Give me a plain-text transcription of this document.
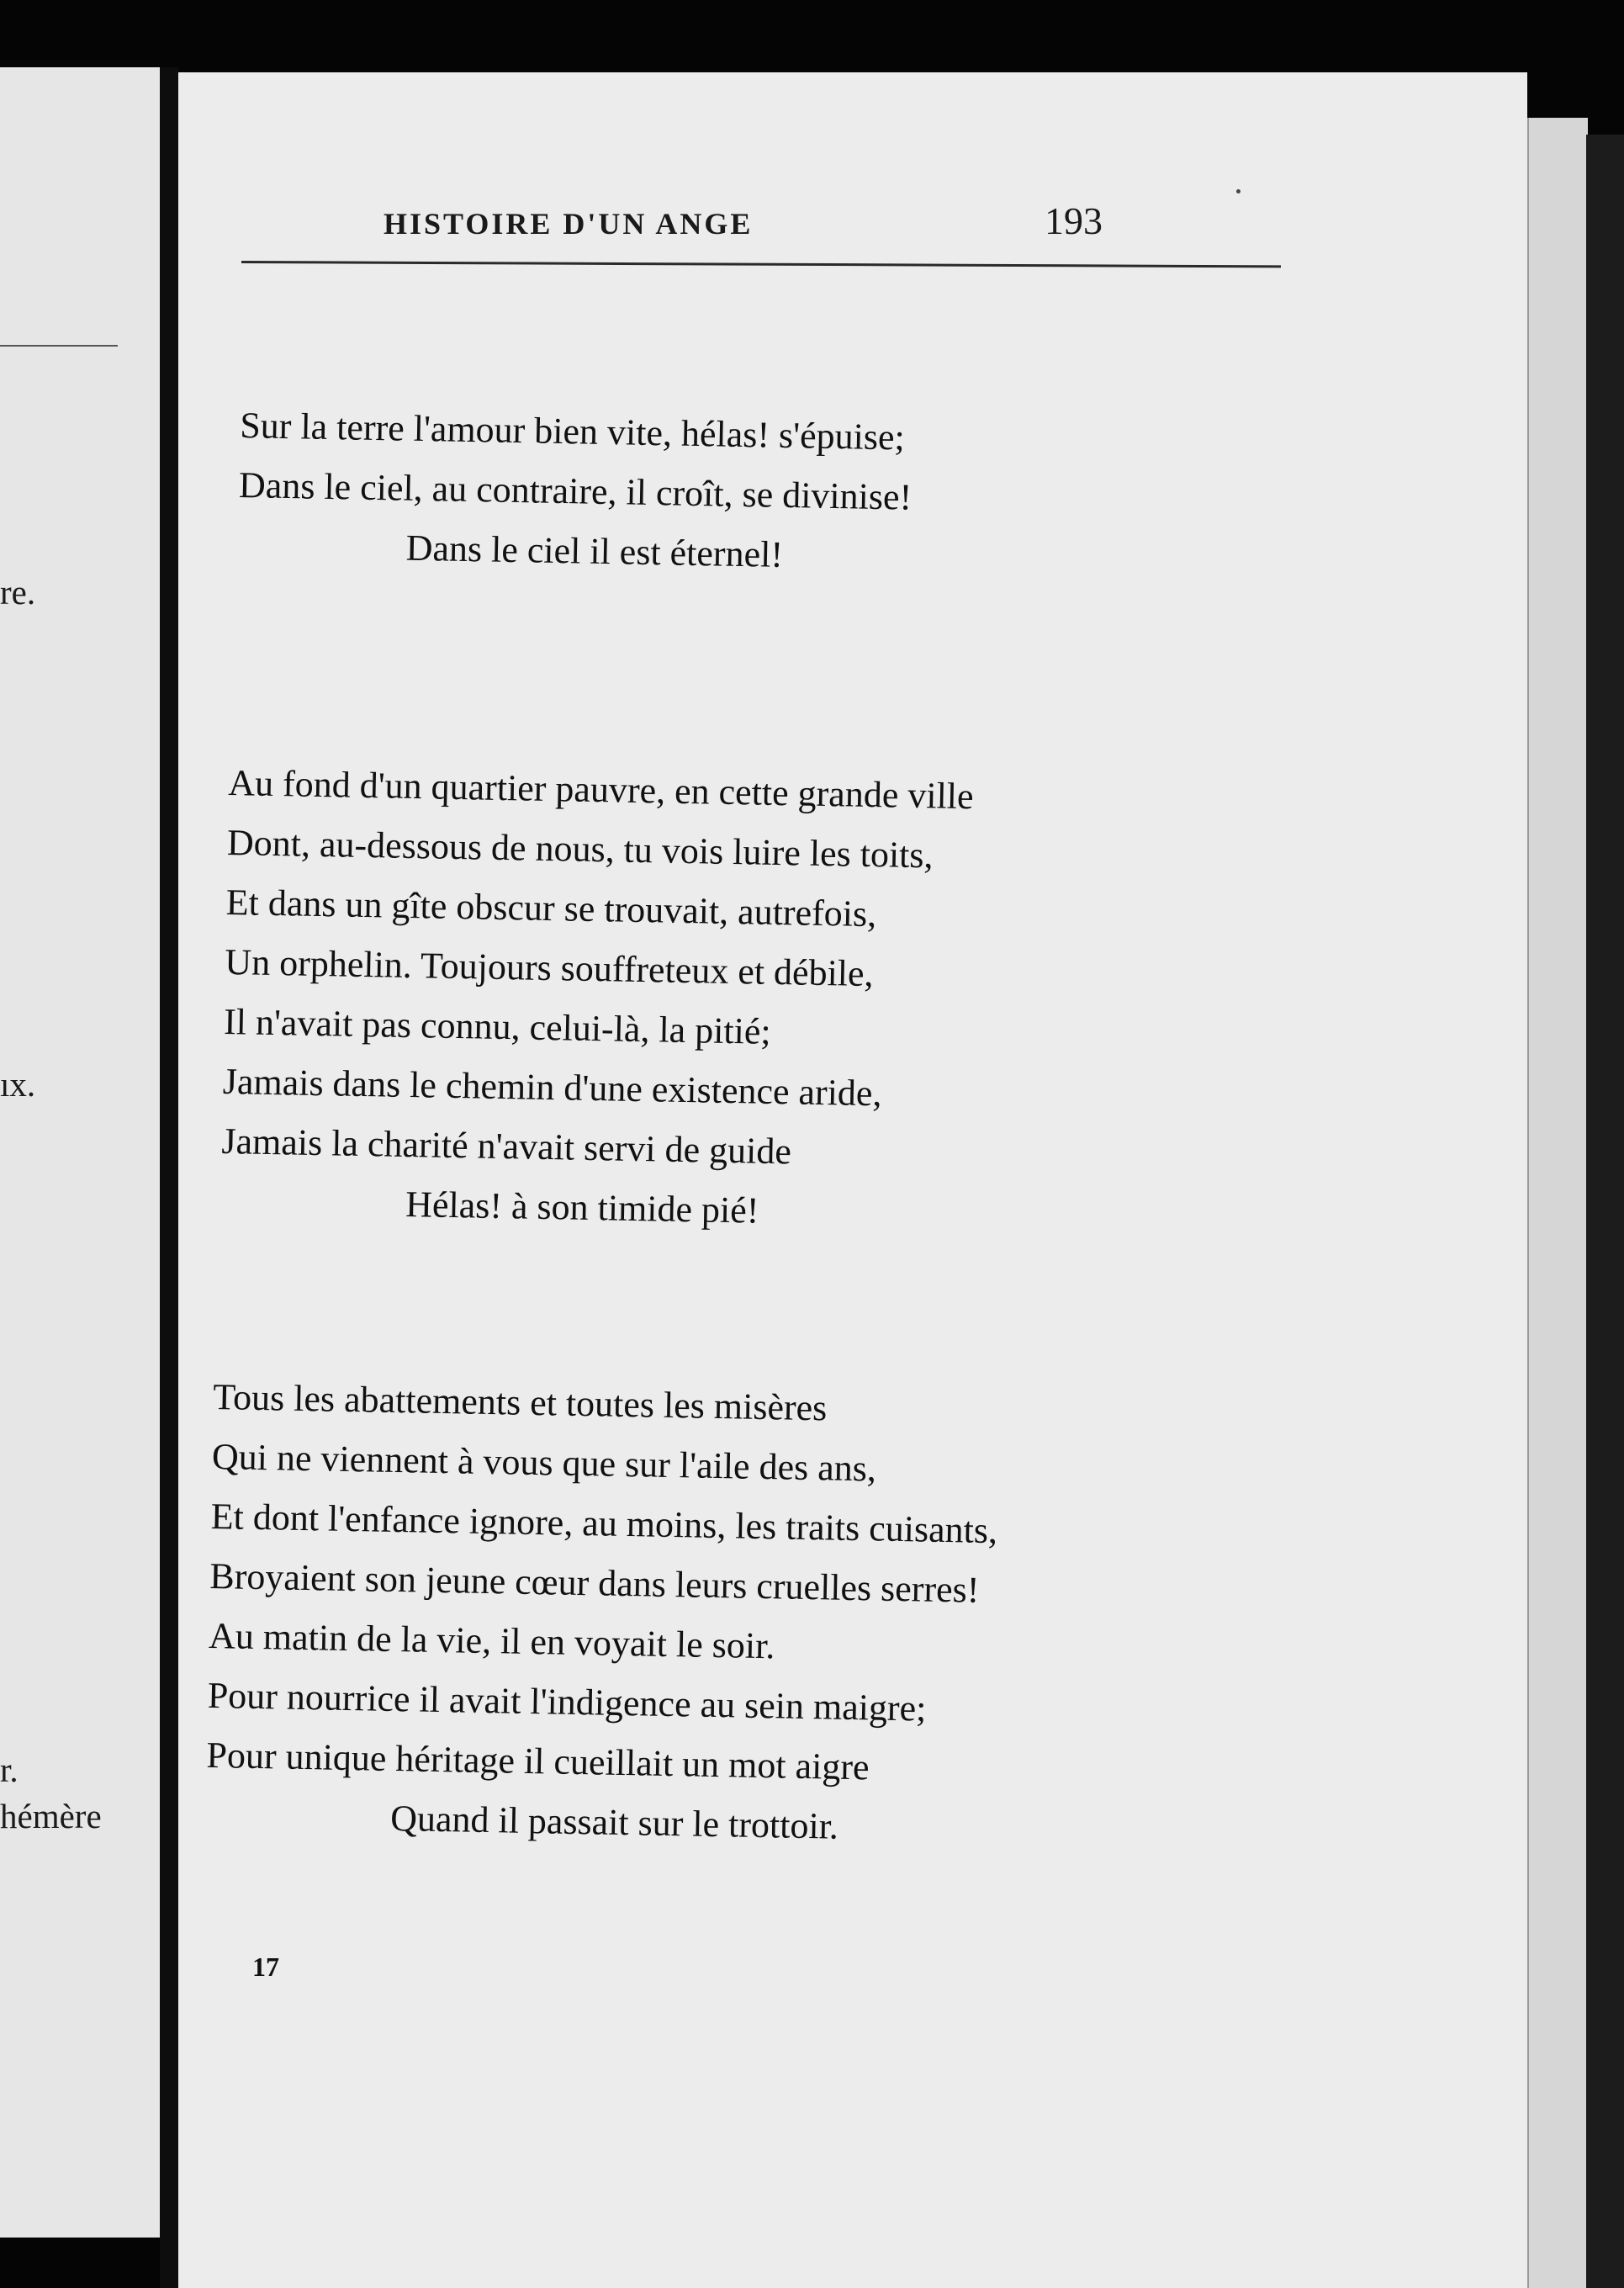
re.
ıx.
r.
hémère
HISTOIRE D'UN ANGE	193
Sur la terre l'amour bien vite, hélas! s'épuise;
Dans le ciel, au contraire, il croît, se divinise!
Dans le ciel il est éternel!
Au fond d'un quartier pauvre, en cette grande ville
Dont, au-dessous de nous, tu vois luire les toits,
Et dans un gîte obscur se trouvait, autrefois,
Un orphelin. Toujours souffreteux et débile,
Il n'avait pas connu, celui-là, la pitié;
Jamais dans le chemin d'une existence aride,
Jamais la charité n'avait servi de guide
Hélas! à son timide pié!
Tous les abattements et toutes les misères
Qui ne viennent à vous que sur l'aile des ans,
Et dont l'enfance ignore, au moins, les traits cuisants,
Broyaient son jeune cœur dans leurs cruelles serres!
Au matin de la vie, il en voyait le soir.
Pour nourrice il avait l'indigence au sein maigre;
Pour unique héritage il cueillait un mot aigre
Quand il passait sur le trottoir.
17
